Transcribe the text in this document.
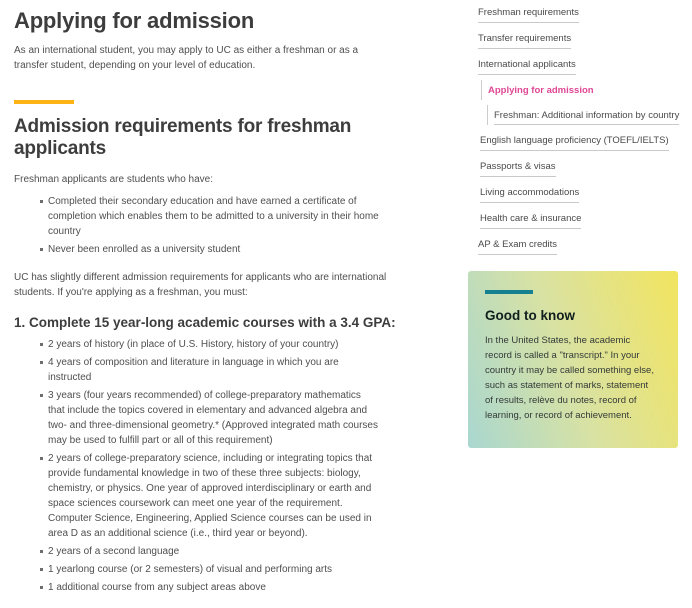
Applying for admission

As an international student, you may apply to UC as either a freshman or as a transfer student, depending on your level of education.

Admission requirements for freshman applicants

Freshman applicants are students who have:

Completed their secondary education and have earned a certificate of completion which enables them to be admitted to a university in their home country
Never been enrolled as a university student

UC has slightly different admission requirements for applicants who are international students. If you're applying as a freshman, you must:

1. Complete 15 year-long academic courses with a 3.4 GPA:
2 years of history (in place of U.S. History, history of your country)
4 years of composition and literature in language in which you are instructed
3 years (four years recommended) of college-preparatory mathematics that include the topics covered in elementary and advanced algebra and two- and three-dimensional geometry.* (Approved integrated math courses may be used to fulfill part or all of this requirement)
2 years of college-preparatory science, including or integrating topics that provide fundamental knowledge in two of these three subjects: biology, chemistry, or physics. One year of approved interdisciplinary or earth and space sciences coursework can meet one year of the requirement. Computer Science, Engineering, Applied Science courses can be used in area D as an additional science (i.e., third year or beyond).
2 years of a second language
1 yearlong course (or 2 semesters) of visual and performing arts
1 additional course from any subject areas above
Freshman requirements
Transfer requirements
International applicants
Applying for admission
Freshman: Additional information by country
English language proficiency (TOEFL/IELTS)
Passports & visas
Living accommodations
Health care & insurance
AP & Exam credits
Good to know

In the United States, the academic record is called a "transcript." In your country it may be called something else, such as statement of marks, statement of results, relève du notes, record of learning, or record of achievement.
